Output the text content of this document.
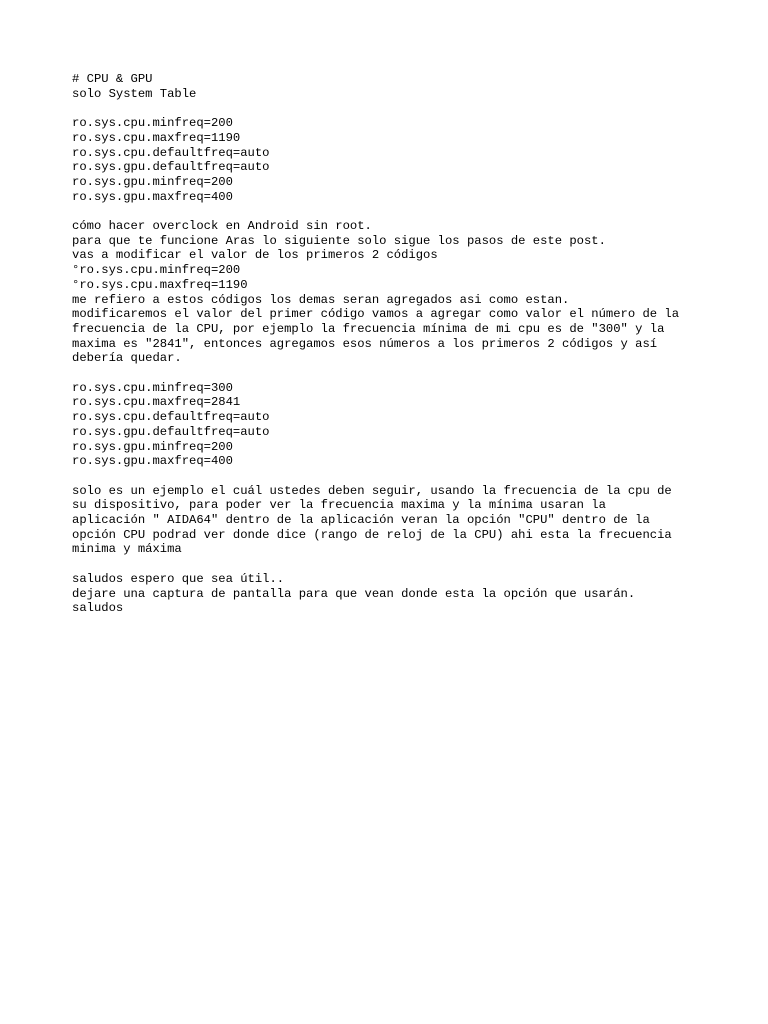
# CPU & GPU
solo System Table
ro.sys.cpu.minfreq=200
ro.sys.cpu.maxfreq=1190
ro.sys.cpu.defaultfreq=auto
ro.sys.gpu.defaultfreq=auto
ro.sys.gpu.minfreq=200
ro.sys.gpu.maxfreq=400
cómo hacer overclock en Android sin root.
para que te funcione Aras lo siguiente solo sigue los pasos de este post.
vas a modificar el valor de los primeros 2 códigos
°ro.sys.cpu.minfreq=200
°ro.sys.cpu.maxfreq=1190
me refiero a estos códigos los demas seran agregados asi como estan.
modificaremos el valor del primer código vamos a agregar como valor el número de la
frecuencia de la CPU, por ejemplo la frecuencia mínima de mi cpu es de "300" y la
maxima es "2841", entonces agregamos esos números a los primeros 2 códigos y así
debería quedar.
ro.sys.cpu.minfreq=300
ro.sys.cpu.maxfreq=2841
ro.sys.cpu.defaultfreq=auto
ro.sys.gpu.defaultfreq=auto
ro.sys.gpu.minfreq=200
ro.sys.gpu.maxfreq=400
solo es un ejemplo el cuál ustedes deben seguir, usando la frecuencia de la cpu de
su dispositivo, para poder ver la frecuencia maxima y la mínima usaran la
aplicación " AIDA64" dentro de la aplicación veran la opción "CPU" dentro de la
opción CPU podrad ver donde dice (rango de reloj de la CPU) ahi esta la frecuencia
minima y máxima
saludos espero que sea útil..
dejare una captura de pantalla para que vean donde esta la opción que usarán.
saludos
